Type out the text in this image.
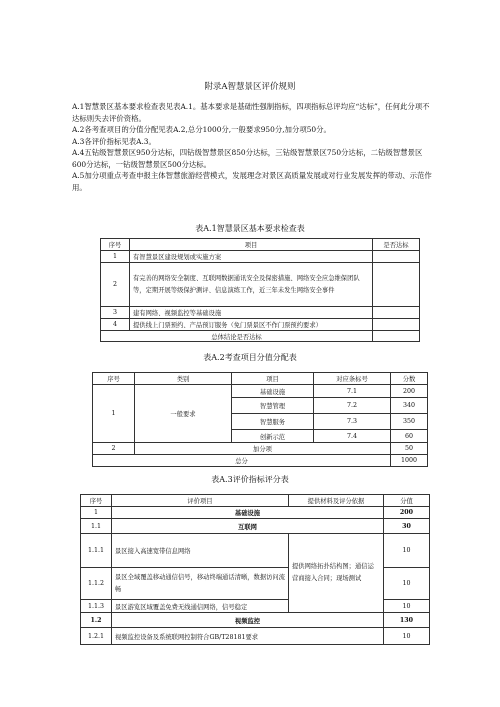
附录A智慧景区评价规则

A.1智慧景区基本要求检查表见表A.1。基本要求是基础性强制指标，四项指标总评均应“达标”，任何此分项不达标则失去评价资格。

A.2各考查项目的分值分配见表A.2,总分1000分,一般要求950分,加分项50分。

A.3各评价指标见表A.3。

A.4五钻级智慧景区950分达标，四钻级智慧景区850分达标，三钻级智慧景区750分达标，二钻级智慧景区600分达标，一钻级智慧景区500分达标。

A.5加分项重点考查申报主体智慧旅游经营模式，发展理念对景区高质量发展或对行业发展发挥的带动、示范作用。

表A.1智慧景区基本要求检查表
序号	项目	是否达标
1	有智慧景区建设规划或实施方案	
2	有完善的网络安全制度、互联网数据通讯安全及保密措施、网络安全应急维保团队等，定期开展等级保护测评、信息演练工作，近三年未发生网络安全事件	
3	建有网络、视频监控等基础设施	
4	提供线上门票预约、产品预订服务（免门票景区不作门票预约要求）	
总体结论是否达标		
表A.2考查项目分值分配表
序号	类别	项目	对应条标号	分数
1	一般要求	基础设施	7.1	200
		智慧管理	7.2	340
		智慧服务	7.3	350
		创新示范	7.4	60
2	加分项			50
总分				1000
表A.3评价指标评分表
序号	评价项目	提供材料及评分依据	分值
1	基础设施		200
1.1	互联网		30
1.1.1	景区接入高速宽带信息网络	提供网络拓扑结构图；通信运营商接入合同；现场测试	10
1.1.2	景区全域覆盖移动通信信号，移动终端通话清晰，数据访问流畅		10
1.1.3	景区游览区域覆盖免费无线通信网络，信号稳定		10
1.2	视频监控		130
1.2.1	视频监控设备及系统联网控制符合GB/T28181要求		10
